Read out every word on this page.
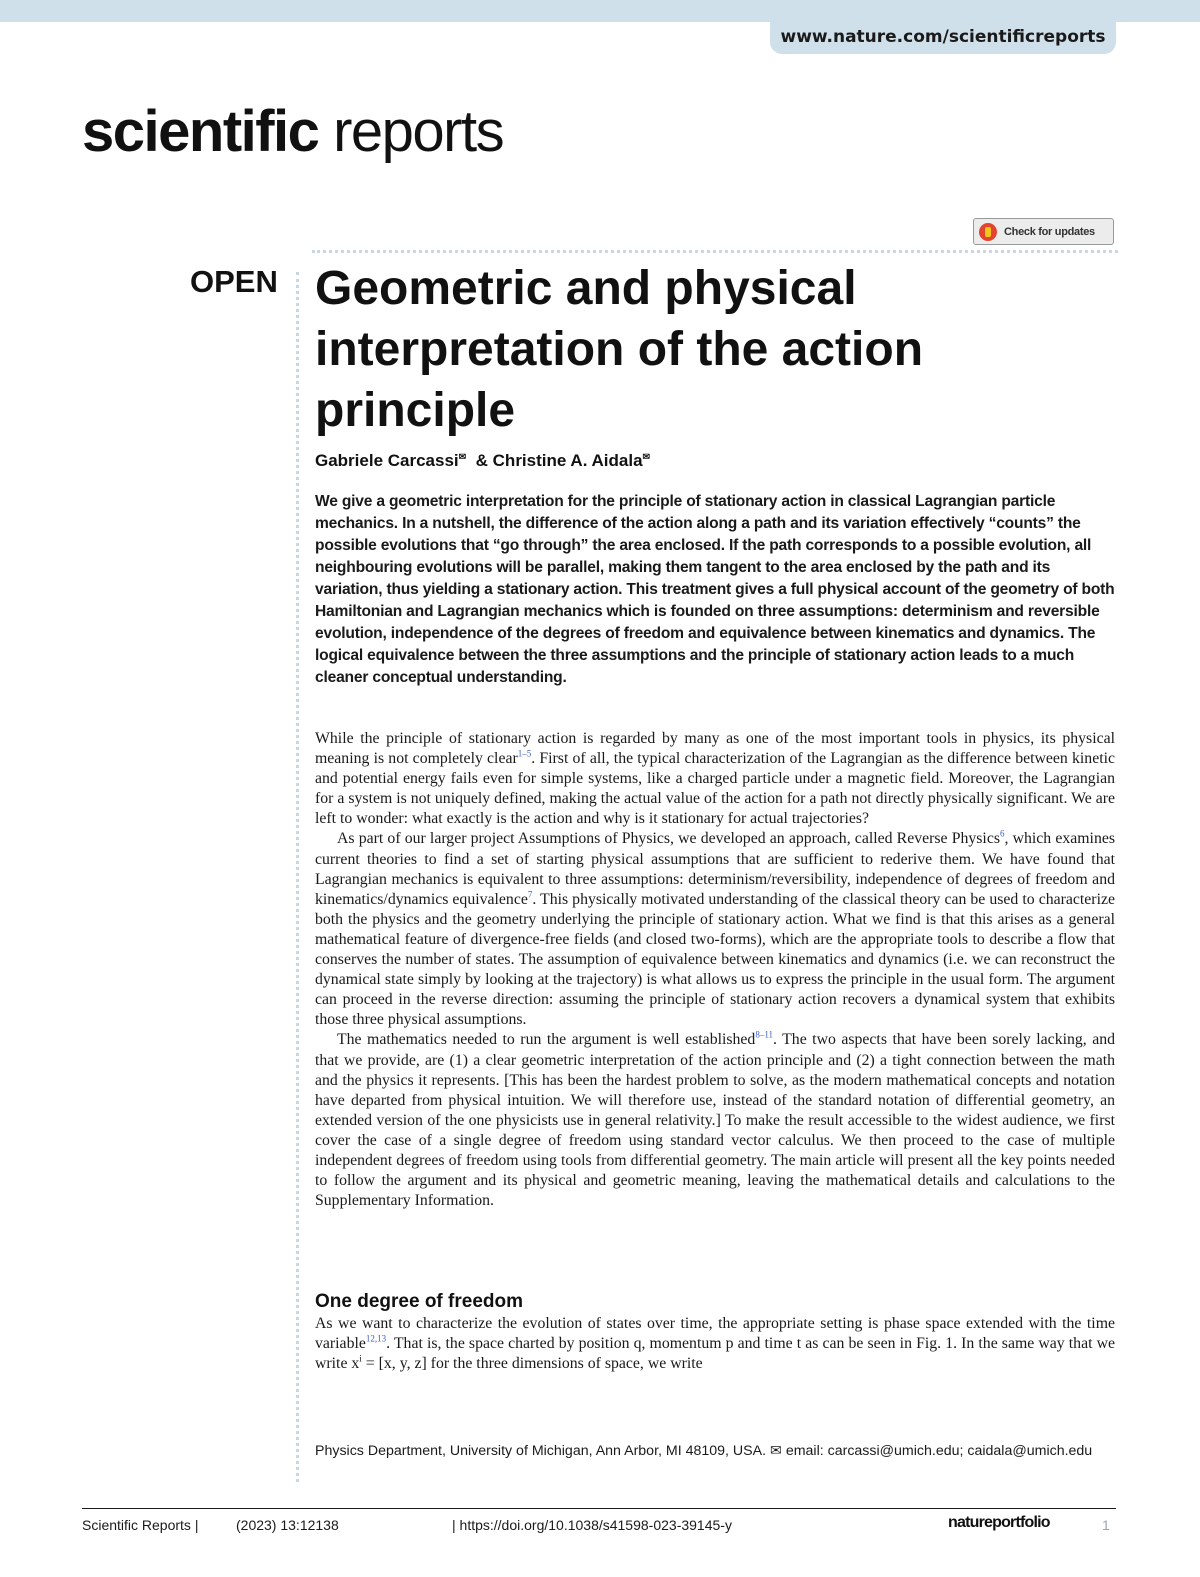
www.nature.com/scientificreports
scientific reports
Check for updates
OPEN Geometric and physical interpretation of the action principle
Gabriele Carcassi✉ & Christine A. Aidala✉

We give a geometric interpretation for the principle of stationary action in classical Lagrangian particle mechanics. In a nutshell, the difference of the action along a path and its variation effectively “counts” the possible evolutions that “go through” the area enclosed. If the path corresponds to a possible evolution, all neighbouring evolutions will be parallel, making them tangent to the area enclosed by the path and its variation, thus yielding a stationary action. This treatment gives a full physical account of the geometry of both Hamiltonian and Lagrangian mechanics which is founded on three assumptions: determinism and reversible evolution, independence of the degrees of freedom and equivalence between kinematics and dynamics. The logical equivalence between the three assumptions and the principle of stationary action leads to a much cleaner conceptual understanding.

While the principle of stationary action is regarded by many as one of the most important tools in physics, its physical meaning is not completely clear$^{1-5}$. First of all, the typical characterization of the Lagrangian as the difference between kinetic and potential energy fails even for simple systems, like a charged particle under a magnetic field. Moreover, the Lagrangian for a system is not uniquely defined, making the actual value of the action for a path not directly physically significant. We are left to wonder: what exactly is the action and why is it stationary for actual trajectories?

As part of our larger project Assumptions of Physics, we developed an approach, called Reverse Physics$^6$, which examines current theories to find a set of starting physical assumptions that are sufficient to rederive them. We have found that Lagrangian mechanics is equivalent to three assumptions: determinism/reversibility, independence of degrees of freedom and kinematics/dynamics equivalence$^7$. This physically motivated understanding of the classical theory can be used to characterize both the physics and the geometry underlying the principle of stationary action. What we find is that this arises as a general mathematical feature of divergence-free fields (and closed two-forms), which are the appropriate tools to describe a flow that conserves the number of states. The assumption of equivalence between kinematics and dynamics (i.e. we can reconstruct the dynamical state simply by looking at the trajectory) is what allows us to express the principle in the usual form. The argument can proceed in the reverse direction: assuming the principle of stationary action recovers a dynamical system that exhibits those three physical assumptions.

The mathematics needed to run the argument is well established$^{8-11}$. The two aspects that have been sorely lacking, and that we provide, are (1) a clear geometric interpretation of the action principle and (2) a tight connection between the math and the physics it represents. [This has been the hardest problem to solve, as the modern mathematical concepts and notation have departed from physical intuition. We will therefore use, instead of the standard notation of differential geometry, an extended version of the one physicists use in general relativity.] To make the result accessible to the widest audience, we first cover the case of a single degree of freedom using standard vector calculus. We then proceed to the case of multiple independent degrees of freedom using tools from differential geometry. The main article will present all the key points needed to follow the argument and its physical and geometric meaning, leaving the mathematical details and calculations to the Supplementary Information.

One degree of freedom

As we want to characterize the evolution of states over time, the appropriate setting is phase space extended with the time variable$^{12,13}$. That is, the space charted by position q, momentum p and time t as can be seen in Fig. 1. In the same way that we write $x^i = [x$, y, z] for the three dimensions of space, we write

Physics Department, University of Michigan, Ann Arbor, MI 48109, USA. ✉ email: carcassi@umich.edu; caidala@umich.edu

Scientific Reports |	(2023) 13:12138	| https://doi.org/10.1038/s41598-023-39145-y	natureportfolio	1
